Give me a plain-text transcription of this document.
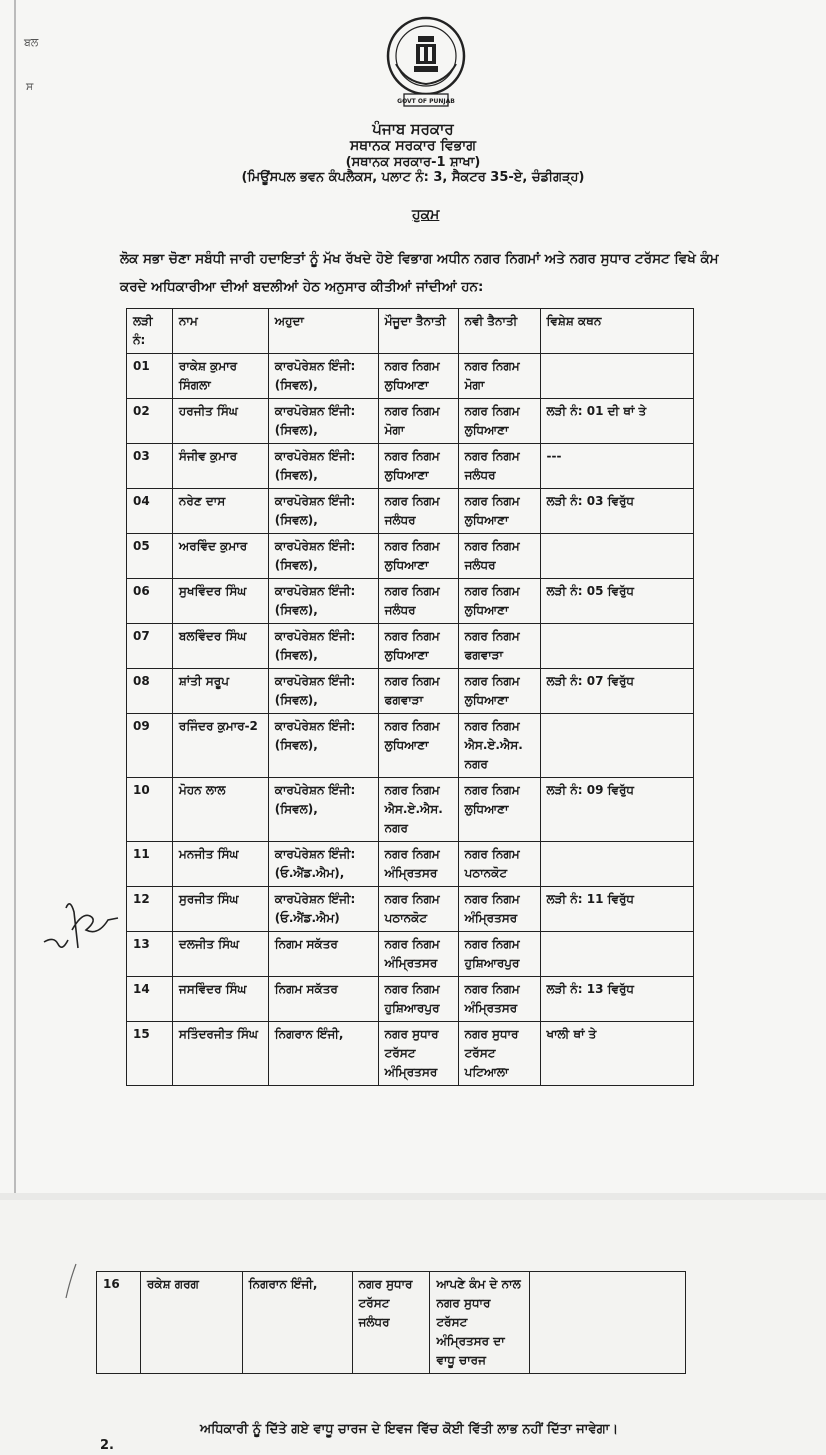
ਬਲ
ਸ
GOVT OF PUNJAB
ਪੰਜਾਬ ਸਰਕਾਰ
ਸਥਾਨਕ ਸਰਕਾਰ ਵਿਭਾਗ
(ਸਥਾਨਕ ਸਰਕਾਰ-1 ਸ਼ਾਖਾ)
(ਮਿਊਂਸਪਲ ਭਵਨ ਕੰਪਲੈਕਸ, ਪਲਾਟ ਨੰ: 3, ਸੈਕਟਰ 35-ਏ, ਚੰਡੀਗੜ੍ਹ)
ਹੁਕਮ
ਲੋਕ ਸਭਾ ਚੋਣਾ ਸਬੰਧੀ ਜਾਰੀ ਹਦਾਇਤਾਂ ਨੂੰ ਮੱਖ ਰੱਖਦੇ ਹੋਏ ਵਿਭਾਗ ਅਧੀਨ ਨਗਰ ਨਿਗਮਾਂ ਅਤੇ ਨਗਰ ਸੁਧਾਰ ਟਰੱਸਟ ਵਿਖੇ ਕੰਮ ਕਰਦੇ ਅਧਿਕਾਰੀਆ ਦੀਆਂ ਬਦਲੀਆਂ ਹੇਠ ਅਨੁਸਾਰ ਕੀਤੀਆਂ ਜਾਂਦੀਆਂ ਹਨ:
ਲੜੀ ਨੰ:	ਨਾਮ	ਅਹੁਦਾ	ਮੌਜੂਦਾ ਤੈਨਾਤੀ	ਨਵੀ ਤੈਨਾਤੀ	ਵਿਸ਼ੇਸ਼ ਕਥਨ
01	ਰਾਕੇਸ਼ ਕੁਮਾਰ ਸਿੰਗਲਾ	ਕਾਰਪੋਰੇਸ਼ਨ ਇੰਜੀ: (ਸਿਵਲ),	ਨਗਰ ਨਿਗਮ ਲੁਧਿਆਣਾ	ਨਗਰ ਨਿਗਮ ਮੋਗਾ	
02	ਹਰਜੀਤ ਸਿੰਘ	ਕਾਰਪੋਰੇਸ਼ਨ ਇੰਜੀ: (ਸਿਵਲ),	ਨਗਰ ਨਿਗਮ ਮੋਗਾ	ਨਗਰ ਨਿਗਮ ਲੁਧਿਆਣਾ	ਲੜੀ ਨੰ: 01 ਦੀ ਥਾਂ ਤੇ
03	ਸੰਜੀਵ ਕੁਮਾਰ	ਕਾਰਪੋਰੇਸ਼ਨ ਇੰਜੀ: (ਸਿਵਲ),	ਨਗਰ ਨਿਗਮ ਲੁਧਿਆਣਾ	ਨਗਰ ਨਿਗਮ ਜਲੰਧਰ	---
04	ਨਰੇਣ ਦਾਸ	ਕਾਰਪੋਰੇਸ਼ਨ ਇੰਜੀ: (ਸਿਵਲ),	ਨਗਰ ਨਿਗਮ ਜਲੰਧਰ	ਨਗਰ ਨਿਗਮ ਲੁਧਿਆਣਾ	ਲੜੀ ਨੰ: 03 ਵਿਰੁੱਧ
05	ਅਰਵਿੰਦ ਕੁਮਾਰ	ਕਾਰਪੋਰੇਸ਼ਨ ਇੰਜੀ: (ਸਿਵਲ),	ਨਗਰ ਨਿਗਮ ਲੁਧਿਆਣਾ	ਨਗਰ ਨਿਗਮ ਜਲੰਧਰ	
06	ਸੁਖਵਿੰਦਰ ਸਿੰਘ	ਕਾਰਪੋਰੇਸ਼ਨ ਇੰਜੀ: (ਸਿਵਲ),	ਨਗਰ ਨਿਗਮ ਜਲੰਧਰ	ਨਗਰ ਨਿਗਮ ਲੁਧਿਆਣਾ	ਲੜੀ ਨੰ: 05 ਵਿਰੁੱਧ
07	ਬਲਵਿੰਦਰ ਸਿੰਘ	ਕਾਰਪੋਰੇਸ਼ਨ ਇੰਜੀ: (ਸਿਵਲ),	ਨਗਰ ਨਿਗਮ ਲੁਧਿਆਣਾ	ਨਗਰ ਨਿਗਮ ਫਗਵਾੜਾ	
08	ਸ਼ਾਂਤੀ ਸਰੂਪ	ਕਾਰਪੋਰੇਸ਼ਨ ਇੰਜੀ: (ਸਿਵਲ),	ਨਗਰ ਨਿਗਮ ਫਗਵਾੜਾ	ਨਗਰ ਨਿਗਮ ਲੁਧਿਆਣਾ	ਲੜੀ ਨੰ: 07 ਵਿਰੁੱਧ
09	ਰਜਿੰਦਰ ਕੁਮਾਰ-2	ਕਾਰਪੋਰੇਸ਼ਨ ਇੰਜੀ: (ਸਿਵਲ),	ਨਗਰ ਨਿਗਮ ਲੁਧਿਆਣਾ	ਨਗਰ ਨਿਗਮ ਐਸ.ਏ.ਐਸ. ਨਗਰ	
10	ਮੋਹਨ ਲਾਲ	ਕਾਰਪੋਰੇਸ਼ਨ ਇੰਜੀ: (ਸਿਵਲ),	ਨਗਰ ਨਿਗਮ ਐਸ.ਏ.ਐਸ. ਨਗਰ	ਨਗਰ ਨਿਗਮ ਲੁਧਿਆਣਾ	ਲੜੀ ਨੰ: 09 ਵਿਰੁੱਧ
11	ਮਨਜੀਤ ਸਿੰਘ	ਕਾਰਪੋਰੇਸ਼ਨ ਇੰਜੀ: (ਓ.ਐਂਡ.ਐਮ),	ਨਗਰ ਨਿਗਮ ਅੰਮ੍ਰਿਤਸਰ	ਨਗਰ ਨਿਗਮ ਪਠਾਨਕੋਟ	
12	ਸੁਰਜੀਤ ਸਿੰਘ	ਕਾਰਪੋਰੇਸ਼ਨ ਇੰਜੀ: (ਓ.ਐਂਡ.ਐਮ)	ਨਗਰ ਨਿਗਮ ਪਠਾਨਕੋਟ	ਨਗਰ ਨਿਗਮ ਅੰਮ੍ਰਿਤਸਰ	ਲੜੀ ਨੰ: 11 ਵਿਰੁੱਧ
13	ਦਲਜੀਤ ਸਿੰਘ	ਨਿਗਮ ਸਕੱਤਰ	ਨਗਰ ਨਿਗਮ ਅੰਮ੍ਰਿਤਸਰ	ਨਗਰ ਨਿਗਮ ਹੁਸ਼ਿਆਰਪੁਰ	
14	ਜਸਵਿੰਦਰ ਸਿੰਘ	ਨਿਗਮ ਸਕੱਤਰ	ਨਗਰ ਨਿਗਮ ਹੁਸ਼ਿਆਰਪੁਰ	ਨਗਰ ਨਿਗਮ ਅੰਮ੍ਰਿਤਸਰ	ਲੜੀ ਨੰ: 13 ਵਿਰੁੱਧ
15	ਸਤਿੰਦਰਜੀਤ ਸਿੰਘ	ਨਿਗਰਾਨ ਇੰਜੀ,	ਨਗਰ ਸੁਧਾਰ ਟਰੱਸਟ ਅੰਮ੍ਰਿਤਸਰ	ਨਗਰ ਸੁਧਾਰ ਟਰੱਸਟ ਪਟਿਆਲਾ	ਖਾਲੀ ਥਾਂ ਤੇ
16	ਰਕੇਸ਼ ਗਰਗ	ਨਿਗਰਾਨ ਇੰਜੀ,	ਨਗਰ ਸੁਧਾਰ ਟਰੱਸਟ ਜਲੰਧਰ	ਆਪਣੇ ਕੰਮ ਦੇ ਨਾਲ ਨਗਰ ਸੁਧਾਰ ਟਰੱਸਟ ਅੰਮ੍ਰਿਤਸਰ ਦਾ ਵਾਧੂ ਚਾਰਜ	
ਅਧਿਕਾਰੀ ਨੂੰ ਦਿੱਤੇ ਗਏ ਵਾਧੂ ਚਾਰਜ ਦੇ ਇਵਜ ਵਿੱਚ ਕੋਈ ਵਿੱਤੀ ਲਾਭ ਨਹੀਂ ਦਿੱਤਾ ਜਾਵੇਗਾ।
2.
